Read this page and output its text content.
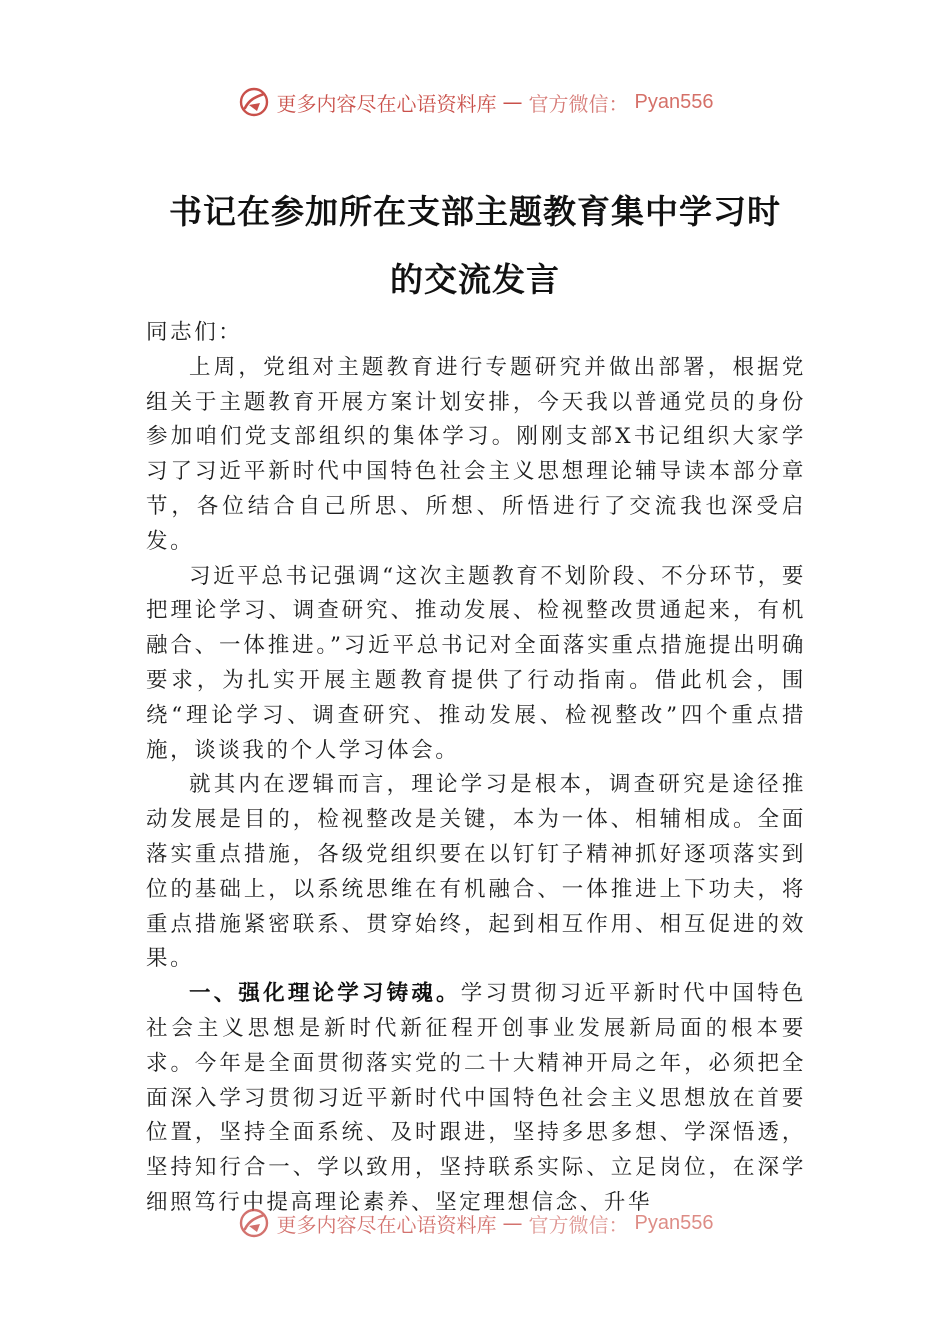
更多内容尽在心语资料库 — 官方微信： Pyan556
书记在参加所在支部主题教育集中学习时
的交流发言

同志们：

上周，党组对主题教育进行专题研究并做出部署，根据党组关于主题教育开展方案计划安排，今天我以普通党员的身份参加咱们党支部组织的集体学习。刚刚支部X书记组织大家学习了习近平新时代中国特色社会主义思想理论辅导读本部分章节，各位结合自己所思、所想、所悟进行了交流我也深受启发。

习近平总书记强调“这次主题教育不划阶段、不分环节，要把理论学习、调查研究、推动发展、检视整改贯通起来，有机融合、一体推进。”习近平总书记对全面落实重点措施提出明确要求，为扎实开展主题教育提供了行动指南。借此机会，围绕“理论学习、调查研究、推动发展、检视整改”四个重点措施，谈谈我的个人学习体会。

就其内在逻辑而言，理论学习是根本，调查研究是途径推动发展是目的，检视整改是关键，本为一体、相辅相成。全面落实重点措施，各级党组织要在以钉钉子精神抓好逐项落实到位的基础上，以系统思维在有机融合、一体推进上下功夫，将重点措施紧密联系、贯穿始终，起到相互作用、相互促进的效果。

一、强化理论学习铸魂。学习贯彻习近平新时代中国特色社会主义思想是新时代新征程开创事业发展新局面的根本要求。今年是全面贯彻落实党的二十大精神开局之年，必须把全面深入学习贯彻习近平新时代中国特色社会主义思想放在首要位置，坚持全面系统、及时跟进，坚持多思多想、学深悟透，坚持知行合一、学以致用，坚持联系实际、立足岗位，在深学细照笃行中提高理论素养、坚定理想信念、升华

更多内容尽在心语资料库 — 官方微信： Pyan556
